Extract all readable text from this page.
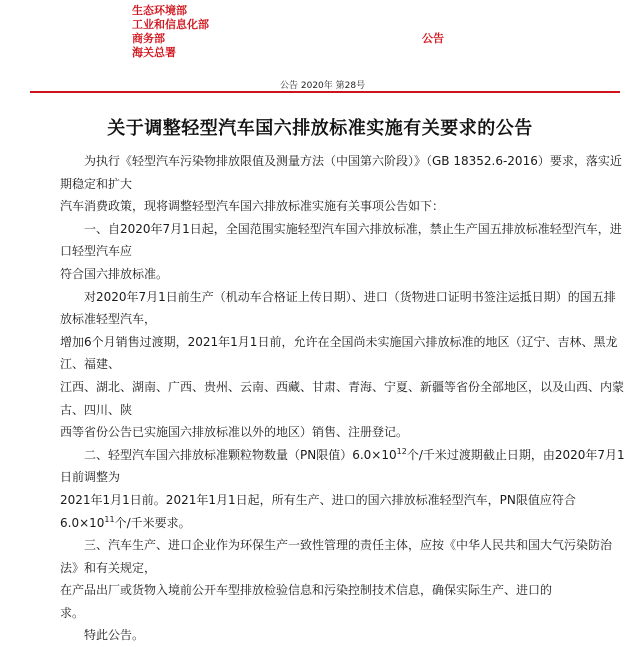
生态环境部
工业和信息化部
商务部
海关总署
公告
公告 2020年 第28号
关于调整轻型汽车国六排放标准实施有关要求的公告

为执行《轻型汽车污染物排放限值及测量方法（中国第六阶段）》（GB 18352.6-2016）要求，落实近期稳定和扩大

汽车消费政策，现将调整轻型汽车国六排放标准实施有关事项公告如下：

一、自2020年7月1日起，全国范围实施轻型汽车国六排放标准，禁止生产国五排放标准轻型汽车，进口轻型汽车应

符合国六排放标准。

对2020年7月1日前生产（机动车合格证上传日期）、进口（货物进口证明书签注运抵日期）的国五排放标准轻型汽车，

增加6个月销售过渡期，2021年1月1日前，允许在全国尚未实施国六排放标准的地区（辽宁、吉林、黑龙江、福建、

江西、湖北、湖南、广西、贵州、云南、西藏、甘肃、青海、宁夏、新疆等省份全部地区，以及山西、内蒙古、四川、陕

西等省份公告已实施国六排放标准以外的地区）销售、注册登记。

二、轻型汽车国六排放标准颗粒物数量（PN限值）$6.0\times 10^{12}$个/千米过渡期截止日期，由2020年7月1日前调整为

2021年1月1日前。2021年1月1日起，所有生产、进口的国六排放标准轻型汽车，PN限值应符合$6.0\times 10^{11}$个/千米要求。

三、汽车生产、进口企业作为环保生产一致性管理的责任主体，应按《中华人民共和国大气污染防治法》和有关规定，

在产品出厂或货物入境前公开车型排放检验信息和污染控制技术信息，确保实际生产、进口的

求。

特此公告。
